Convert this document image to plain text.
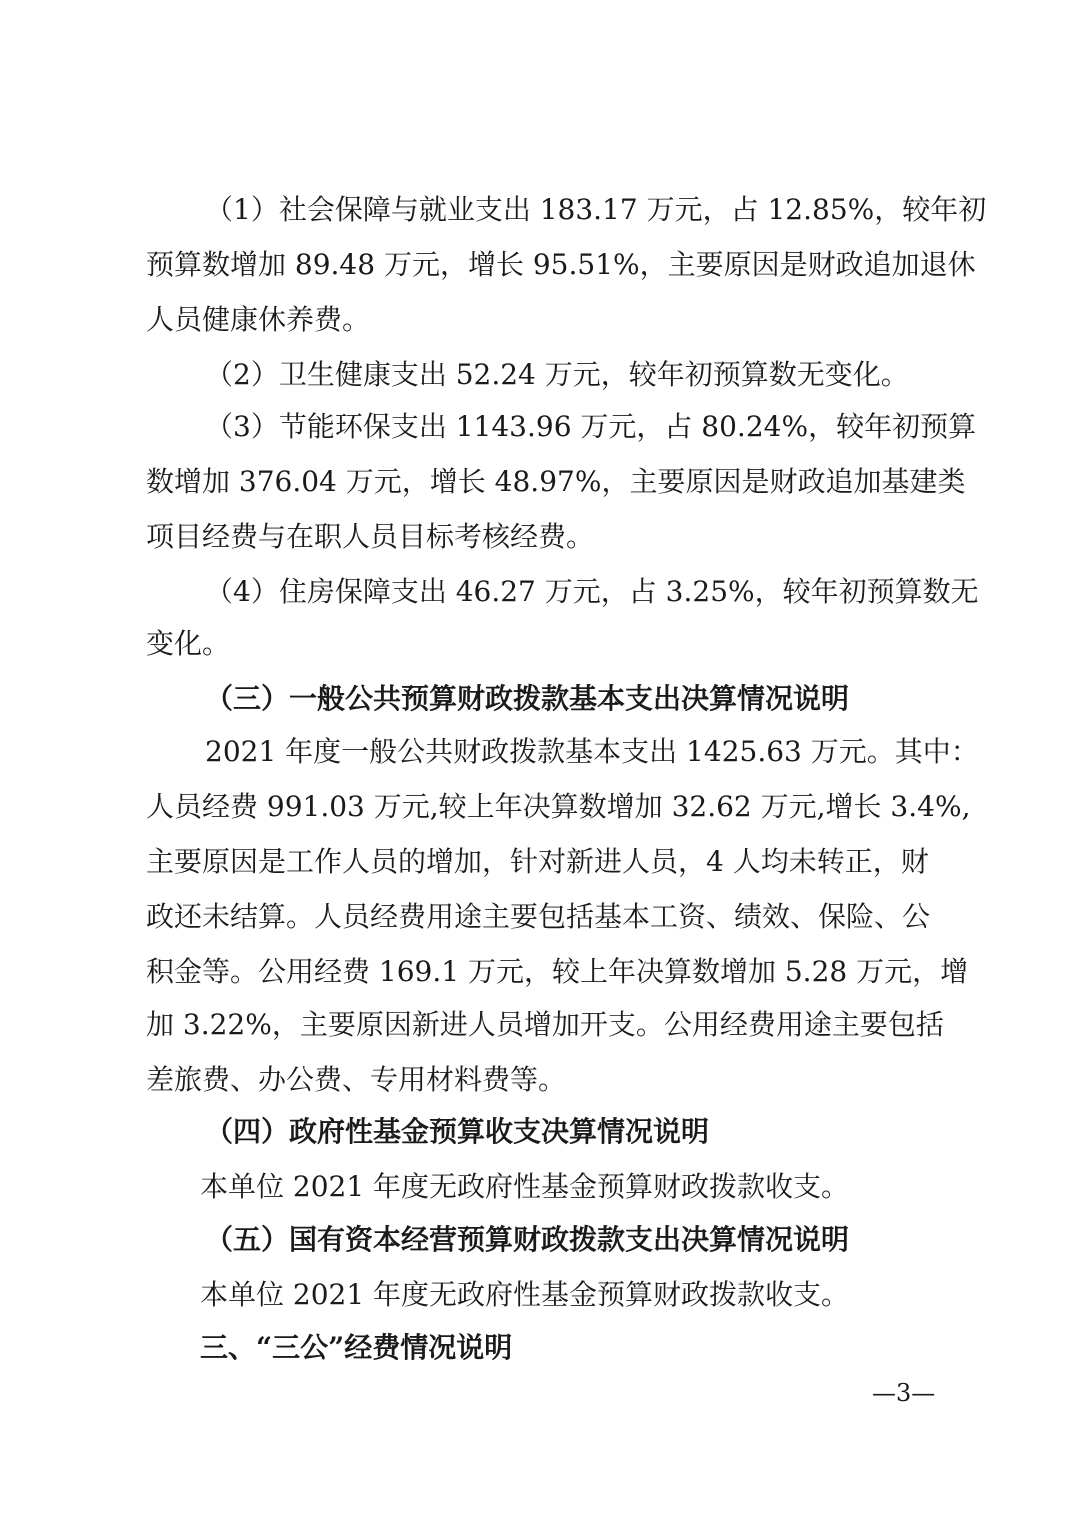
（1）社会保障与就业支出 183.17 万元，占 12.85%，较年初
预算数增加 89.48 万元，增长 95.51%，主要原因是财政追加退休
人员健康休养费。
（2）卫生健康支出 52.24 万元，较年初预算数无变化。
（3）节能环保支出 1143.96 万元，占 80.24%，较年初预算
数增加 376.04 万元，增长 48.97%，主要原因是财政追加基建类
项目经费与在职人员目标考核经费。
（4）住房保障支出 46.27 万元，占 3.25%，较年初预算数无
变化。
（三）一般公共预算财政拨款基本支出决算情况说明
2021 年度一般公共财政拨款基本支出 1425.63 万元。其中：
人员经费 991.03 万元,较上年决算数增加 32.62 万元,增长 3.4%,
主要原因是工作人员的增加，针对新进人员，4 人均未转正，财
政还未结算。人员经费用途主要包括基本工资、绩效、保险、公
积金等。公用经费 169.1 万元，较上年决算数增加 5.28 万元，增
加 3.22%，主要原因新进人员增加开支。公用经费用途主要包括
差旅费、办公费、专用材料费等。
（四）政府性基金预算收支决算情况说明
本单位 2021 年度无政府性基金预算财政拨款收支。
（五）国有资本经营预算财政拨款支出决算情况说明
本单位 2021 年度无政府性基金预算财政拨款收支。
三、“三公”经费情况说明
—3—
